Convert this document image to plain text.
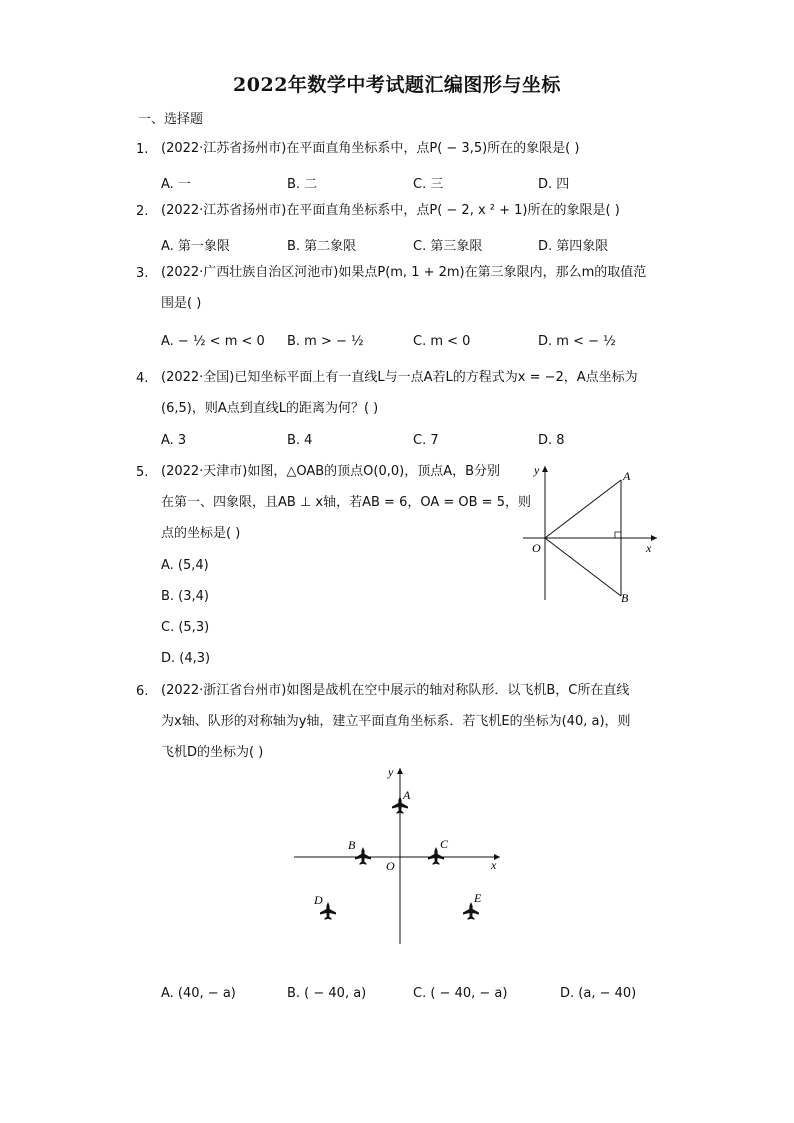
2022年数学中考试题汇编图形与坐标
一、选择题
1. (2022·江苏省扬州市)在平面直角坐标系中，点P( − 3,5)所在的象限是( )
A. 一	B. 二	C. 三	D. 四
2. (2022·江苏省扬州市)在平面直角坐标系中，点P( − 2, x ² + 1)所在的象限是( )
A. 第一象限	B. 第二象限	C. 第三象限	D. 第四象限
3. (2022·广西壮族自治区河池市)如果点P(m, 1 + 2m)在第三象限内，那么m的取值范
围是( )
A. − ½ < m < 0 B. m > − ½	C. m < 0	D. m < − ½
4. (2022·全国)已知坐标平面上有一直线L与一点A若L的方程式为x = −2，A点坐标为
(6,5)，则A点到直线L的距离为何？( )
A. 3	B. 4	C. 7	D. 8
5. (2022·天津市)如图，△OAB的顶点O(0,0)，顶点A，B分别
在第一、四象限，且AB ⊥ x轴，若AB = 6，OA = OB = 5，则
点的坐标是( )
A. (5,4)
B. (3,4)
C. (5,3)
D. (4,3)
y
x
O
A
B
6. (2022·浙江省台州市)如图是战机在空中展示的轴对称队形．以飞机B，C所在直线
为x轴、队形的对称轴为y轴，建立平面直角坐标系．若飞机E的坐标为(40, a)，则
飞机D的坐标为( )
y
x
O
A
B	C
D	E
A. (40, − a)	B. ( − 40, a)	C. ( − 40, − a)	D. (a, − 40)
